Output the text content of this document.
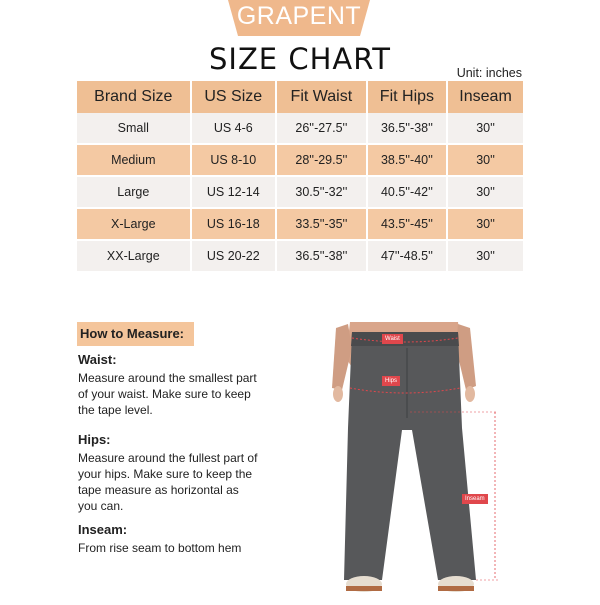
GRAPENT
SIZE CHART	Unit: inches
Brand Size	US Size	Fit Waist	Fit Hips	Inseam
Small	US 4-6	26''-27.5''	36.5''-38''	30''

Medium	US 8-10	28''-29.5''	38.5''-40''	30''

Large	US 12-14	30.5''-32''	40.5''-42''	30''

X-Large	US 16-18	33.5''-35''	43.5''-45''	30''

XX-Large	US 20-22	36.5''-38''	47''-48.5''	30''
How to Measure:
Waist:
Measure around the smallest part of your waist. Make sure to keep the tape level.
Hips:
Measure around the fullest part of your hips. Make sure to keep the tape measure as horizontal as you can.
Inseam:
From rise seam to bottom hem
Waist
Hips
Inseam
